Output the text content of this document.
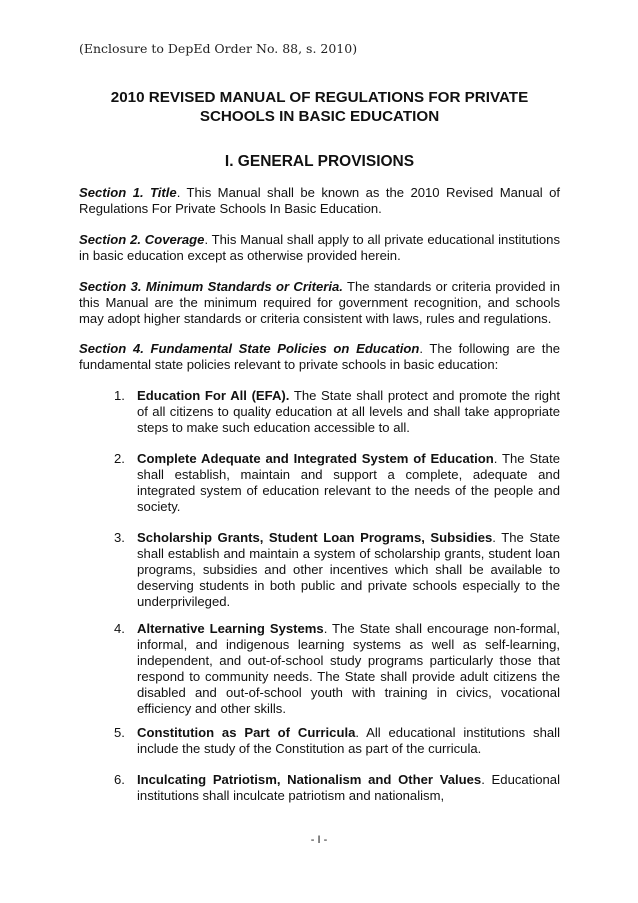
(Enclosure to DepEd Order No. 88, s. 2010)
2010 REVISED MANUAL OF REGULATIONS FOR PRIVATE
SCHOOLS IN BASIC EDUCATION
I. GENERAL PROVISIONS
Section 1. Title. This Manual shall be known as the 2010 Revised Manual of Regulations For Private Schools In Basic Education.
Section 2. Coverage. This Manual shall apply to all private educational institutions in basic education except as otherwise provided herein.
Section 3. Minimum Standards or Criteria. The standards or criteria provided in this Manual are the minimum required for government recognition, and schools may adopt higher standards or criteria consistent with laws, rules and regulations.
Section 4. Fundamental State Policies on Education. The following are the fundamental state policies relevant to private schools in basic education:
1. Education For All (EFA). The State shall protect and promote the right of all citizens to quality education at all levels and shall take appropriate steps to make such education accessible to all.
2. Complete Adequate and Integrated System of Education. The State shall establish, maintain and support a complete, adequate and integrated system of education relevant to the needs of the people and society.
3. Scholarship Grants, Student Loan Programs, Subsidies. The State shall establish and maintain a system of scholarship grants, student loan programs, subsidies and other incentives which shall be available to deserving students in both public and private schools especially to the underprivileged.
4. Alternative Learning Systems. The State shall encourage non-formal, informal, and indigenous learning systems as well as self-learning, independent, and out-of-school study programs particularly those that respond to community needs. The State shall provide adult citizens the disabled and out-of-school youth with training in civics, vocational efficiency and other skills.
5. Constitution as Part of Curricula. All educational institutions shall include the study of the Constitution as part of the curricula.
6. Inculcating Patriotism, Nationalism and Other Values. Educational institutions shall inculcate patriotism and nationalism,
- I -
